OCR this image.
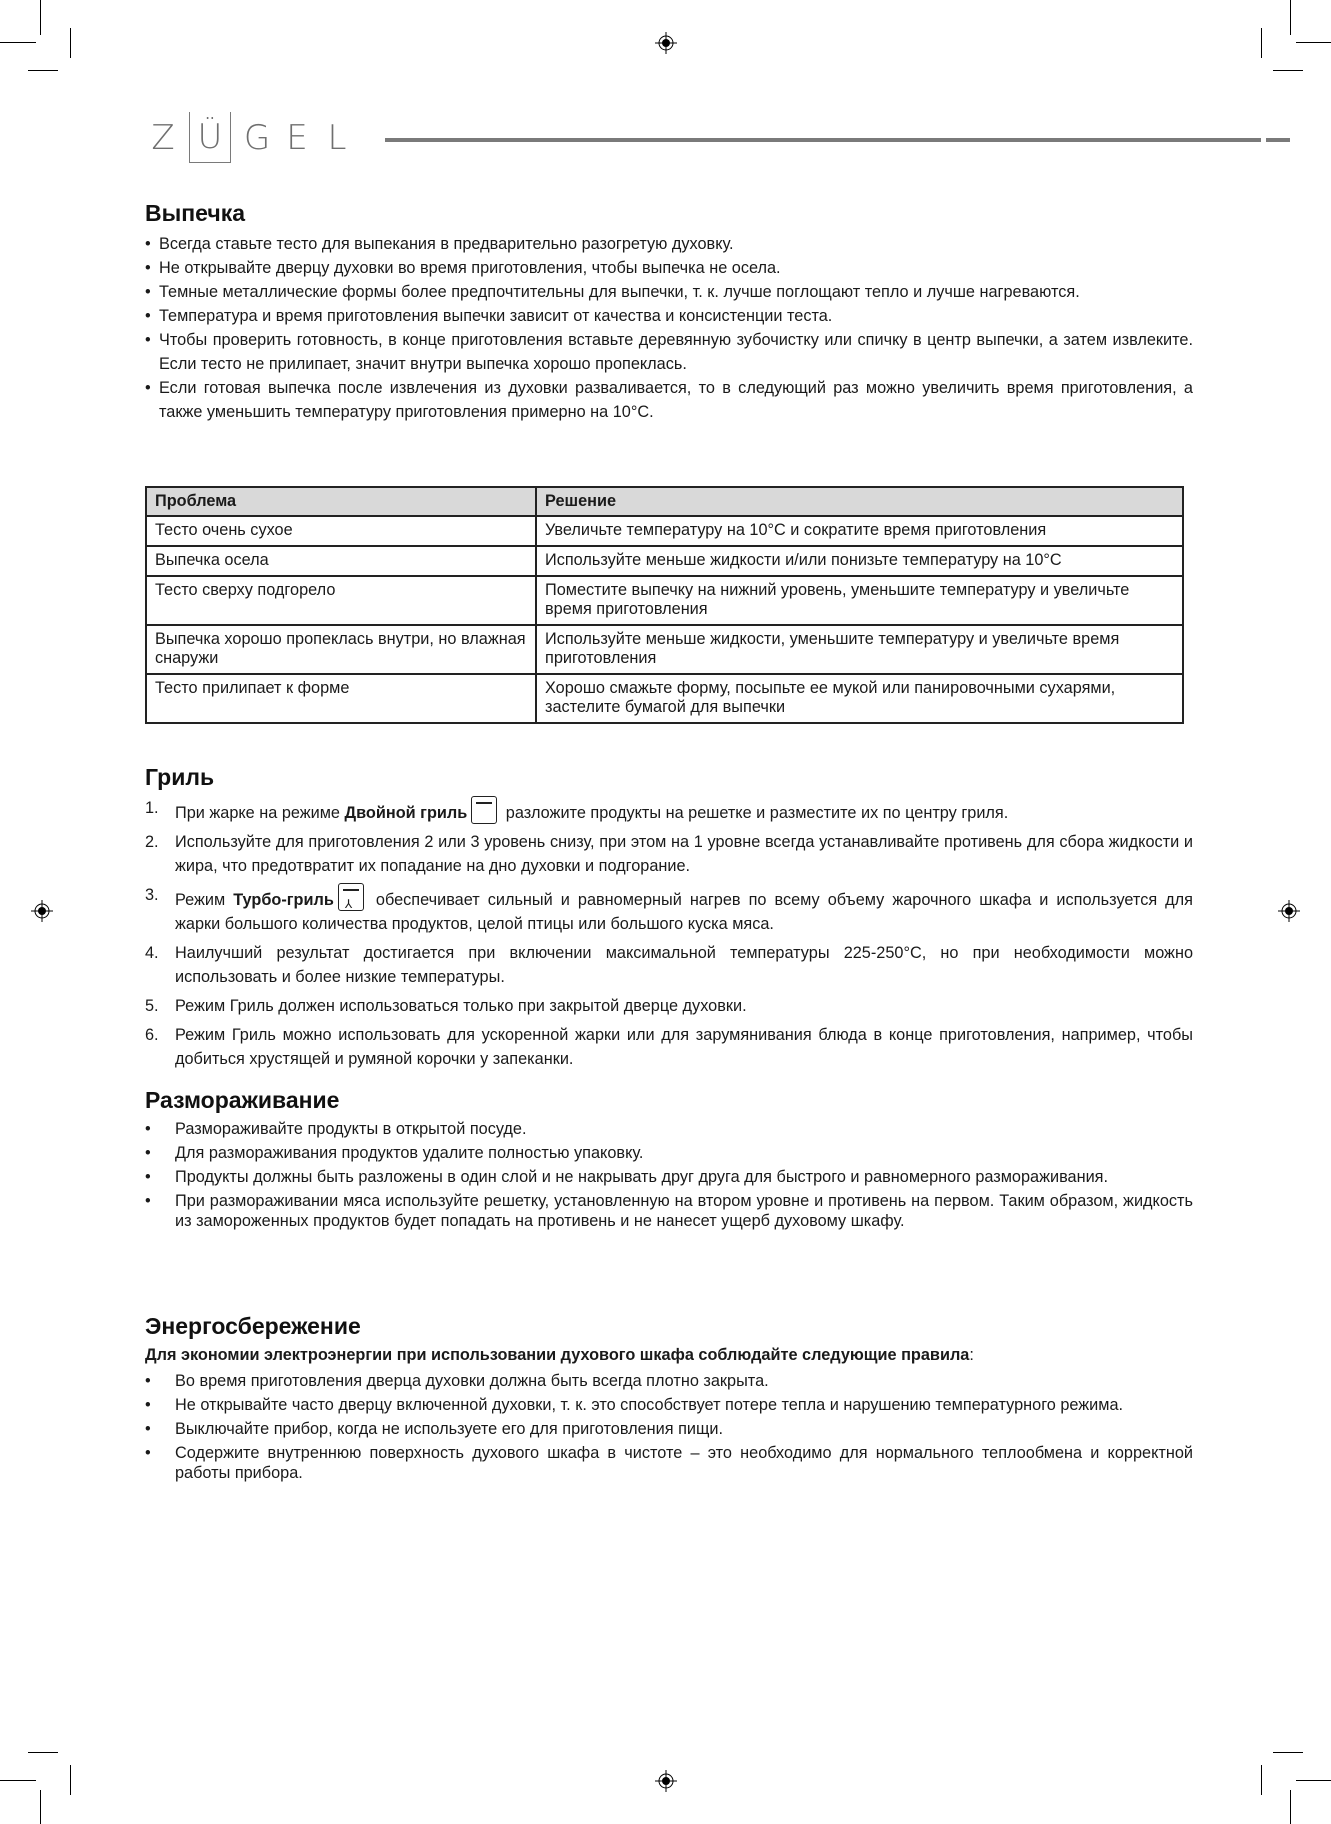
Z Ü G E L
Выпечка
• Всегда ставьте тесто для выпекания в предварительно разогретую духовку.
• Не открывайте дверцу духовки во время приготовления, чтобы выпечка не осела.
• Темные металлические формы более предпочтительны для выпечки, т. к. лучше поглощают тепло и лучше нагреваются.
• Температура и время приготовления выпечки зависит от качества и консистенции теста.
• Чтобы проверить готовность, в конце приготовления вставьте деревянную зубочистку или спичку в центр выпечки, а затем извлеките. Если тесто не прилипает, значит внутри выпечка хорошо пропеклась.
• Если готовая выпечка после извлечения из духовки разваливается, то в следующий раз можно увеличить время приготовления, а также уменьшить температуру приготовления примерно на 10°C.
Проблема	Решение
Тесто очень сухое	Увеличьте температуру на 10°C и сократите время приготовления
Выпечка осела	Используйте меньше жидкости и/или понизьте температуру на 10°C
Тесто сверху подгорело	Поместите выпечку на нижний уровень, уменьшите температуру и увеличьте время приготовления
Выпечка хорошо пропеклась внутри, но влажная снаружи	Используйте меньше жидкости, уменьшите температуру и увеличьте время приготовления
Тесто прилипает к форме	Хорошо смажьте форму, посыпьте ее мукой или панировочными сухарями, застелите бумагой для выпечки
Гриль
1.	При жарке на режиме Двойной гриль разложите продукты на решетке и разместите их по центру гриля.
2.	Используйте для приготовления 2 или 3 уровень снизу, при этом на 1 уровне всегда устанавливайте противень для сбора жидкости и жира, что предотвратит их попадание на дно духовки и подгорание.
3.	Режим Турбо-гриль⅄ обеспечивает сильный и равномерный нагрев по всему объему жарочного шкафа и используется для жарки большого количества продуктов, целой птицы или большого куска мяса.
4.	Наилучший результат достигается при включении максимальной температуры 225-250°C, но при необходимости можно использовать и более низкие температуры.
5.	Режим Гриль должен использоваться только при закрытой дверце духовки.
6.	Режим Гриль можно использовать для ускоренной жарки или для зарумянивания блюда в конце приготовления, например, чтобы добиться хрустящей и румяной корочки у запеканки.
Размораживание
•	Размораживайте продукты в открытой посуде.
•	Для размораживания продуктов удалите полностью упаковку.
•	Продукты должны быть разложены в один слой и не накрывать друг друга для быстрого и равномерного размораживания.
•	При размораживании мяса используйте решетку, установленную на втором уровне и противень на первом. Таким образом, жидкость из замороженных продуктов будет попадать на противень и не нанесет ущерб духовому шкафу.
Энергосбережение
Для экономии электроэнергии при использовании духового шкафа соблюдайте следующие правила:
•	Во время приготовления дверца духовки должна быть всегда плотно закрыта.
•	Не открывайте часто дверцу включенной духовки, т. к. это способствует потере тепла и нарушению температурного режима.
•	Выключайте прибор, когда не используете его для приготовления пищи.
•	Содержите внутреннюю поверхность духового шкафа в чистоте – это необходимо для нормального теплообмена и корректной работы прибора.
